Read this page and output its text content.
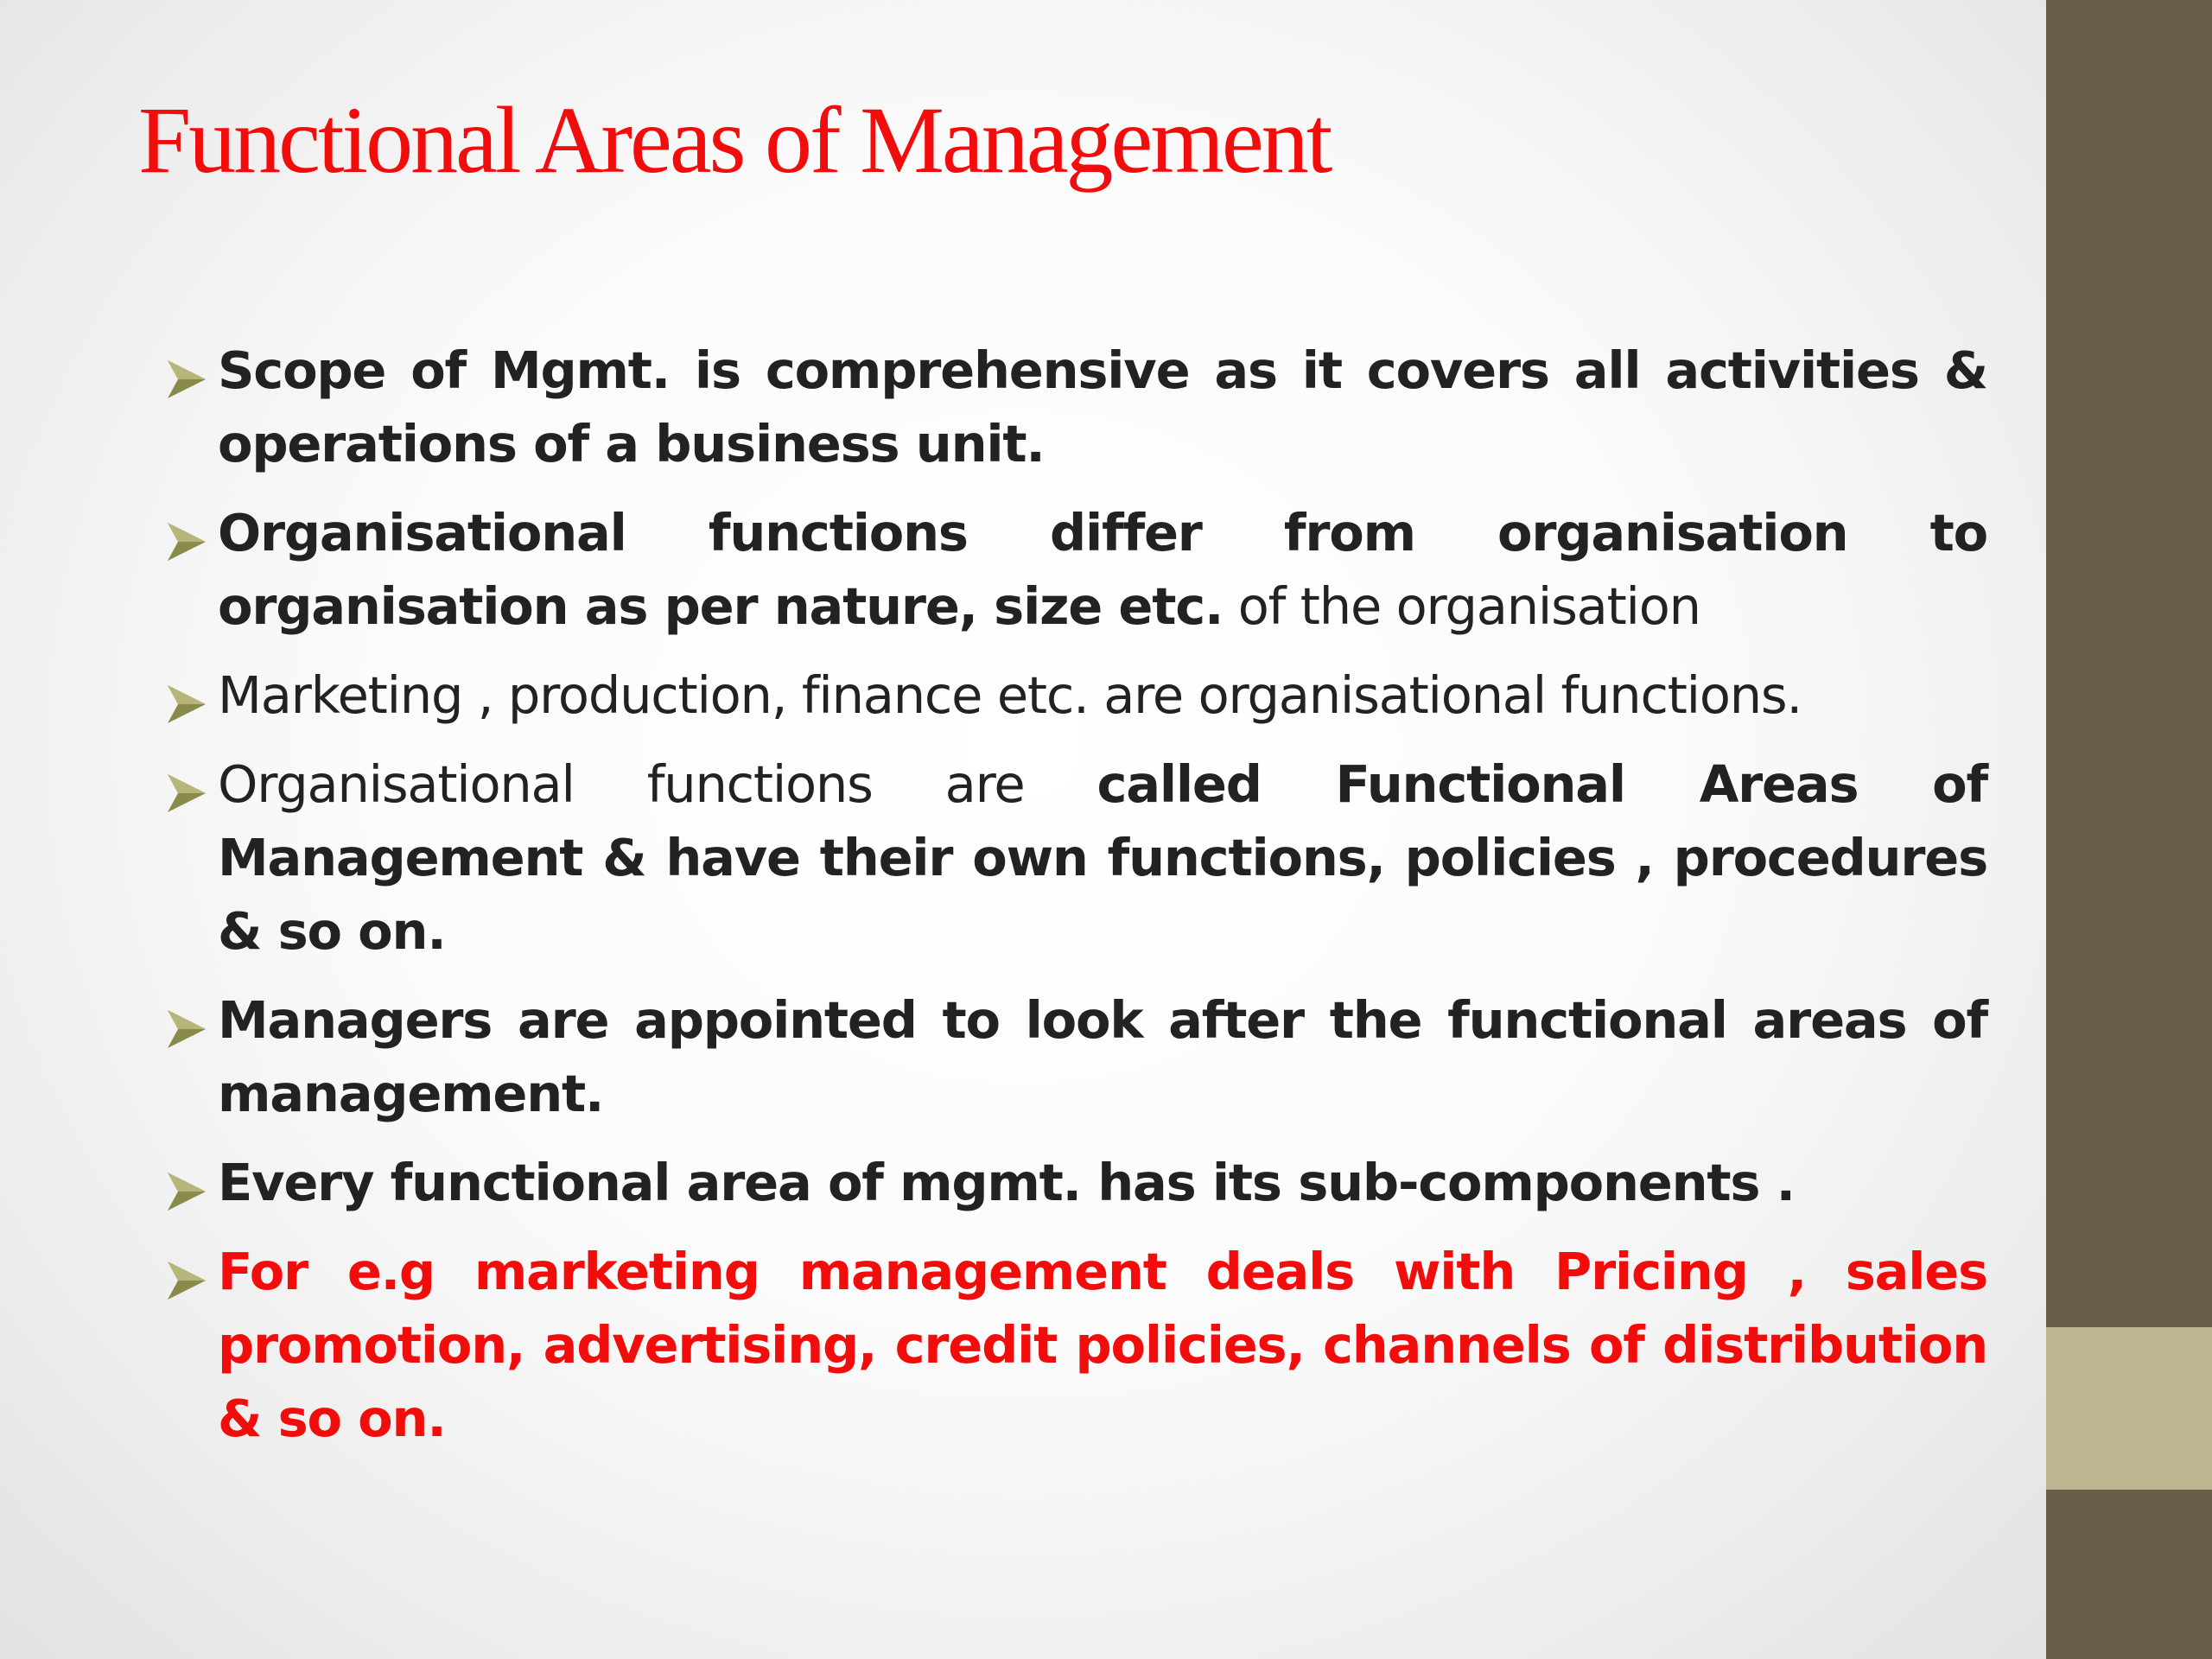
Functional Areas of Management
Scope of Mgmt. is comprehensive as it covers all activities & operations of a business unit.
Organisational functions differ from organisation to organisation as per nature, size etc. of the organisation
Marketing , production, finance etc. are organisational functions.
Organisational functions are called Functional Areas of Management & have their own functions, policies , procedures & so on.
Managers are appointed to look after the functional areas of management.
Every functional area of mgmt. has its sub-components .
For e.g marketing management deals with Pricing , sales promotion, advertising, credit policies, channels of distribution & so on.
